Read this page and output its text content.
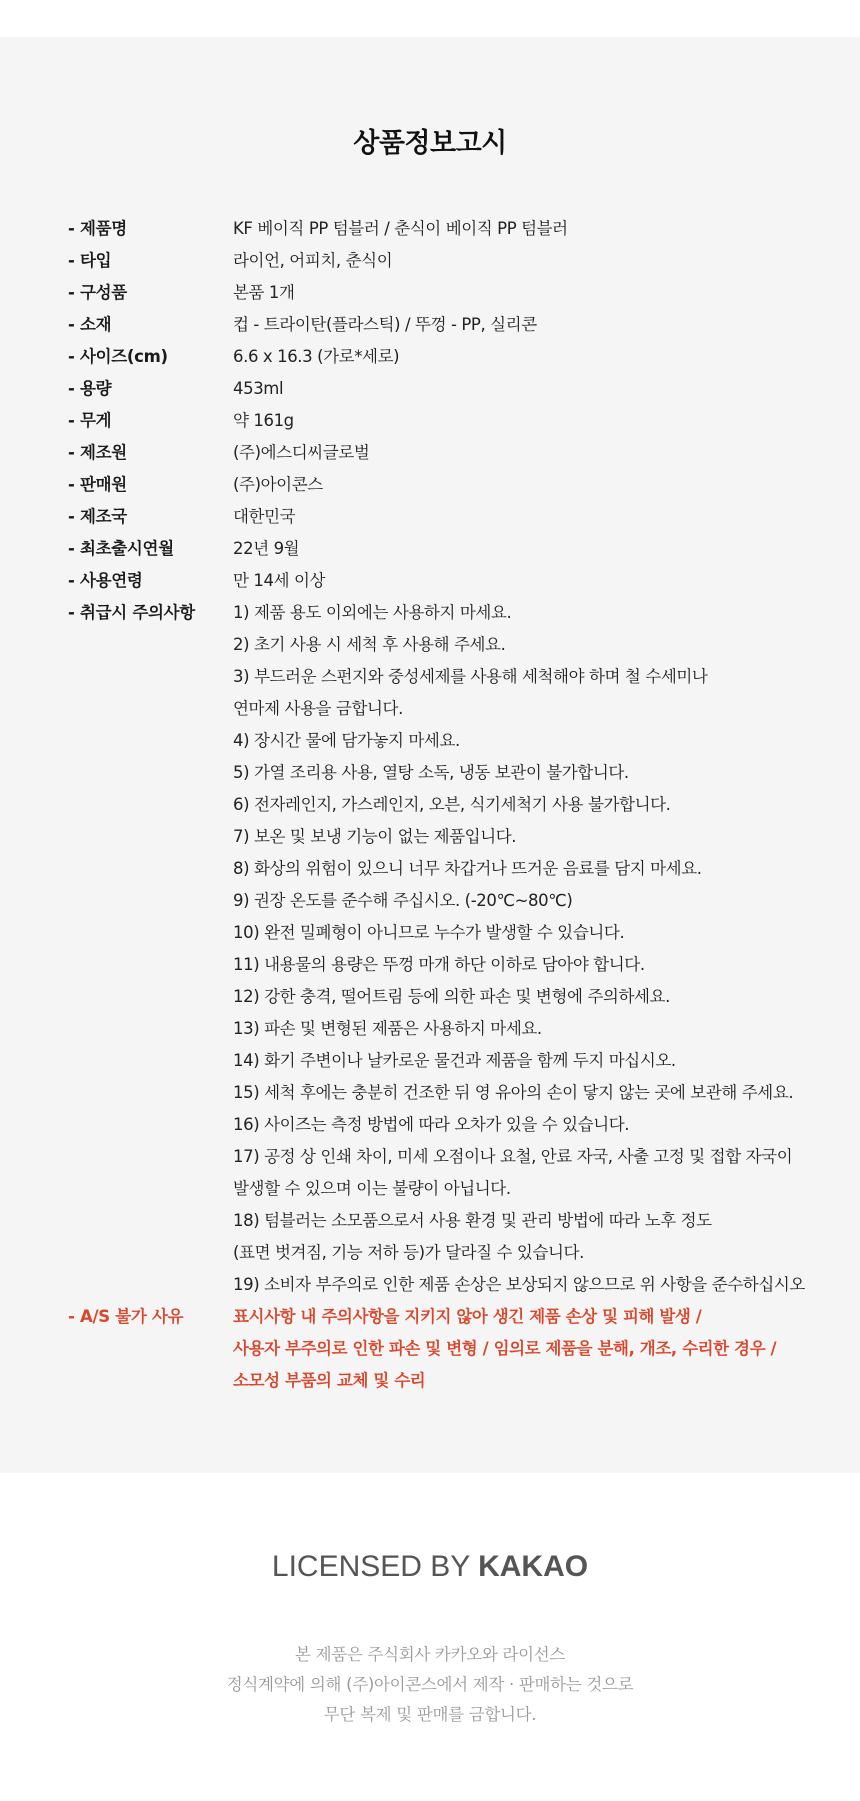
상품정보고시
- 제품명	KF 베이직 PP 텀블러 / 춘식이 베이직 PP 텀블러
- 타입	라이언, 어피치, 춘식이
- 구성품	본품 1개
- 소재	컵 - 트라이탄(플라스틱) / 뚜껑 - PP, 실리콘
- 사이즈(cm)	6.6 x 16.3 (가로*세로)
- 용량	453ml
- 무게	약 161g
- 제조원	(주)에스디씨글로벌
- 판매원	(주)아이콘스
- 제조국	대한민국
- 최초출시연월	22년 9월
- 사용연령	만 14세 이상
- 취급시 주의사항	1) 제품 용도 이외에는 사용하지 마세요.
2) 초기 사용 시 세척 후 사용해 주세요.
3) 부드러운 스펀지와 중성세제를 사용해 세척해야 하며 철 수세미나
연마제 사용을 금합니다.
4) 장시간 물에 담가놓지 마세요.
5) 가열 조리용 사용, 열탕 소독, 냉동 보관이 불가합니다.
6) 전자레인지, 가스레인지, 오븐, 식기세척기 사용 불가합니다.
7) 보온 및 보냉 기능이 없는 제품입니다.
8) 화상의 위험이 있으니 너무 차갑거나 뜨거운 음료를 담지 마세요.
9) 권장 온도를 준수해 주십시오. (-20℃~80℃)
10) 완전 밀폐형이 아니므로 누수가 발생할 수 있습니다.
11) 내용물의 용량은 뚜껑 마개 하단 이하로 담아야 합니다.
12) 강한 충격, 떨어트림 등에 의한 파손 및 변형에 주의하세요.
13) 파손 및 변형된 제품은 사용하지 마세요.
14) 화기 주변이나 날카로운 물건과 제품을 함께 두지 마십시오.
15) 세척 후에는 충분히 건조한 뒤 영 유아의 손이 닿지 않는 곳에 보관해 주세요.
16) 사이즈는 측정 방법에 따라 오차가 있을 수 있습니다.
17) 공정 상 인쇄 차이, 미세 오점이나 요철, 안료 자국, 사출 고정 및 접합 자국이
발생할 수 있으며 이는 불량이 아닙니다.
18) 텀블러는 소모품으로서 사용 환경 및 관리 방법에 따라 노후 정도
(표면 벗겨짐, 기능 저하 등)가 달라질 수 있습니다.
19) 소비자 부주의로 인한 제품 손상은 보상되지 않으므로 위 사항을 준수하십시오
- A/S 불가 사유	표시사항 내 주의사항을 지키지 않아 생긴 제품 손상 및 피해 발생 /
사용자 부주의로 인한 파손 및 변형 / 임의로 제품을 분해, 개조, 수리한 경우 /
소모성 부품의 교체 및 수리
LICENSED BY KAKAO
본 제품은 주식회사 카카오와 라이선스
정식계약에 의해 (주)아이콘스에서 제작 · 판매하는 것으로
무단 복제 및 판매를 금합니다.
